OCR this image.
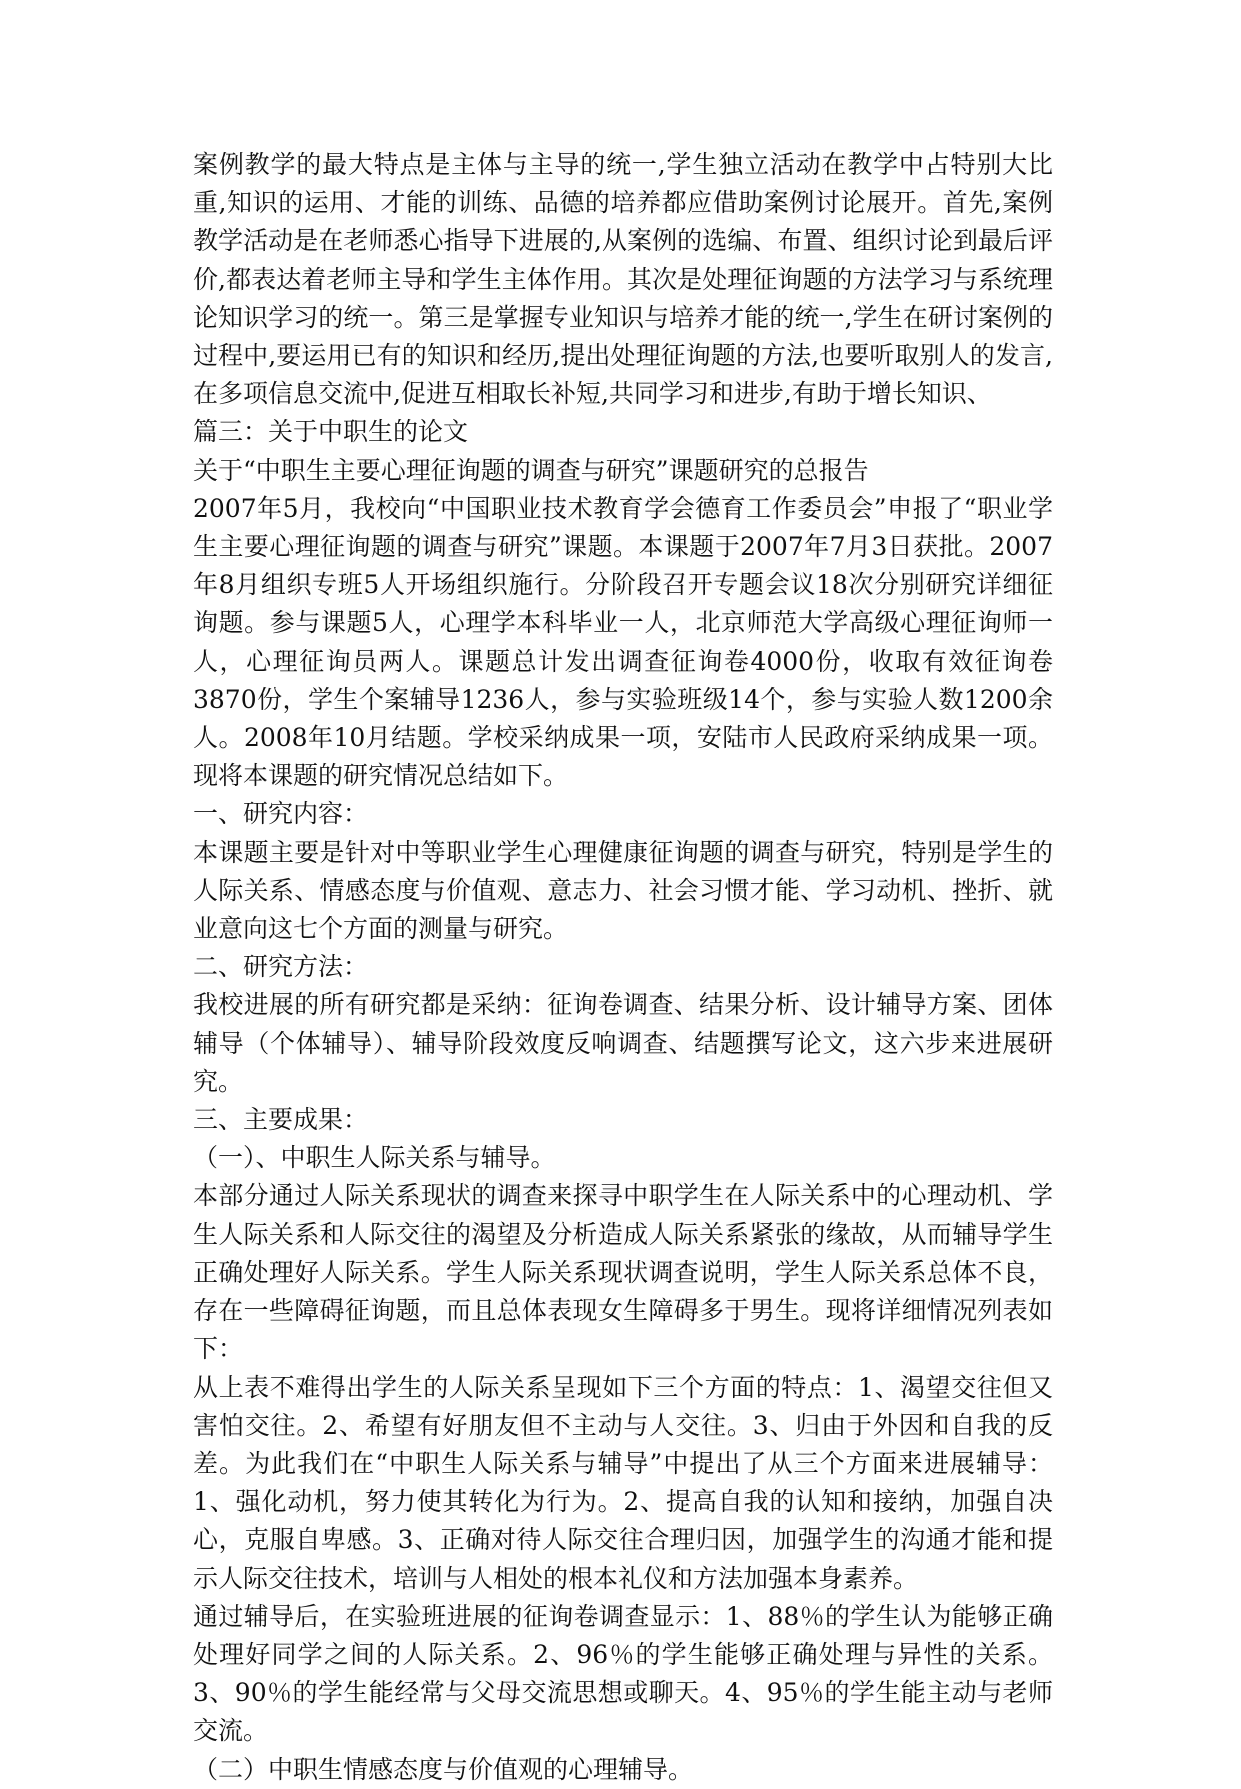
案例教学的最大特点是主体与主导的统一,学生独立活动在教学中占特别大比重,知识的运用、才能的训练、品德的培养都应借助案例讨论展开。首先,案例教学活动是在老师悉心指导下进展的,从案例的选编、布置、组织讨论到最后评价,都表达着老师主导和学生主体作用。其次是处理征询题的方法学习与系统理论知识学习的统一。第三是掌握专业知识与培养才能的统一,学生在研讨案例的过程中,要运用已有的知识和经历,提出处理征询题的方法,也要听取别人的发言,在多项信息交流中,促进互相取长补短,共同学习和进步,有助于增长知识、

篇三：关于中职生的论文

关于“中职生主要心理征询题的调查与研究”课题研究的总报告

2007年5月，我校向“中国职业技术教育学会德育工作委员会”申报了“职业学生主要心理征询题的调查与研究”课题。本课题于2007年7月3日获批。2007年8月组织专班5人开场组织施行。分阶段召开专题会议18次分别研究详细征询题。参与课题5人，心理学本科毕业一人，北京师范大学高级心理征询师一人，心理征询员两人。课题总计发出调查征询卷4000份，收取有效征询卷3870份，学生个案辅导1236人，参与实验班级14个，参与实验人数1200余人。2008年10月结题。学校采纳成果一项，安陆市人民政府采纳成果一项。现将本课题的研究情况总结如下。

一、研究内容：

本课题主要是针对中等职业学生心理健康征询题的调查与研究，特别是学生的人际关系、情感态度与价值观、意志力、社会习惯才能、学习动机、挫折、就业意向这七个方面的测量与研究。

二、研究方法：

我校进展的所有研究都是采纳：征询卷调查、结果分析、设计辅导方案、团体辅导（个体辅导）、辅导阶段效度反响调查、结题撰写论文，这六步来进展研究。

三、主要成果：

（一）、中职生人际关系与辅导。

本部分通过人际关系现状的调查来探寻中职学生在人际关系中的心理动机、学生人际关系和人际交往的渴望及分析造成人际关系紧张的缘故，从而辅导学生正确处理好人际关系。学生人际关系现状调查说明，学生人际关系总体不良，存在一些障碍征询题，而且总体表现女生障碍多于男生。现将详细情况列表如下：

从上表不难得出学生的人际关系呈现如下三个方面的特点：1、渴望交往但又害怕交往。2、希望有好朋友但不主动与人交往。3、归由于外因和自我的反差。为此我们在“中职生人际关系与辅导”中提出了从三个方面来进展辅导：1、强化动机，努力使其转化为行为。2、提高自我的认知和接纳，加强自决心，克服自卑感。3、正确对待人际交往合理归因，加强学生的沟通才能和提示人际交往技术，培训与人相处的根本礼仪和方法加强本身素养。

通过辅导后，在实验班进展的征询卷调查显示：1、88％的学生认为能够正确处理好同学之间的人际关系。2、96％的学生能够正确处理与异性的关系。3、90％的学生能经常与父母交流思想或聊天。4、95％的学生能主动与老师交流。

（二）中职生情感态度与价值观的心理辅导。
